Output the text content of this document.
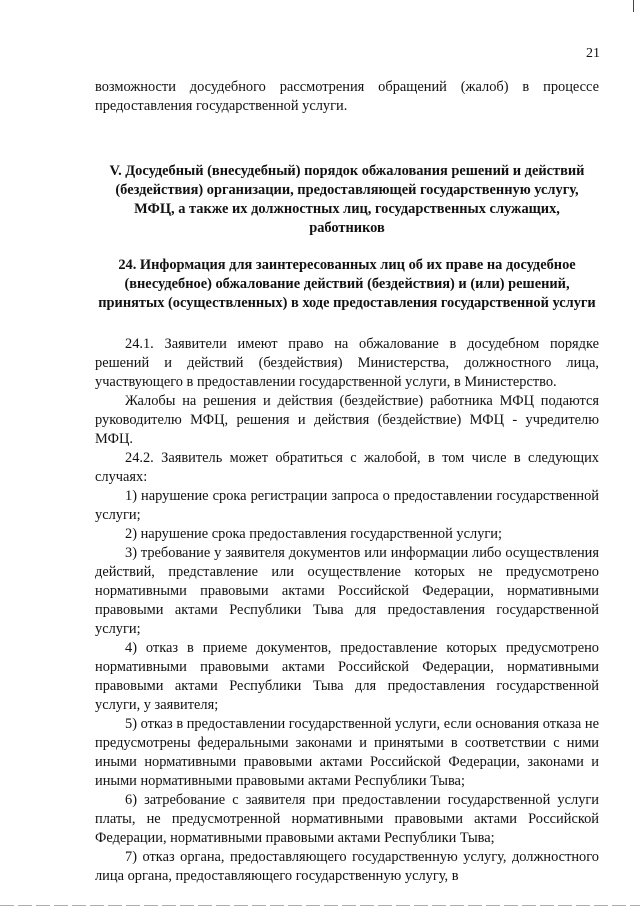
21

возможности досудебного рассмотрения обращений (жалоб) в процессе предоставления государственной услуги.

V. Досудебный (внесудебный) порядок обжалования решений и действий (бездействия) организации, предоставляющей государственную услугу, МФЦ, а также их должностных лиц, государственных служащих, работников

24. Информация для заинтересованных лиц об их праве на досудебное (внесудебное) обжалование действий (бездействия) и (или) решений, принятых (осуществленных) в ходе предоставления государственной услуги

24.1. Заявители имеют право на обжалование в досудебном порядке решений и действий (бездействия) Министерства, должностного лица, участвующего в предоставлении государственной услуги, в Министерство.

Жалобы на решения и действия (бездействие) работника МФЦ подаются руководителю МФЦ, решения и действия (бездействие) МФЦ - учредителю МФЦ.

24.2. Заявитель может обратиться с жалобой, в том числе в следующих случаях:

1) нарушение срока регистрации запроса о предоставлении государственной услуги;

2) нарушение срока предоставления государственной услуги;

3) требование у заявителя документов или информации либо осуществления действий, представление или осуществление которых не предусмотрено нормативными правовыми актами Российской Федерации, нормативными правовыми актами Республики Тыва для предоставления государственной услуги;

4) отказ в приеме документов, предоставление которых предусмотрено нормативными правовыми актами Российской Федерации, нормативными правовыми актами Республики Тыва для предоставления государственной услуги, у заявителя;

5) отказ в предоставлении государственной услуги, если основания отказа не предусмотрены федеральными законами и принятыми в соответствии с ними иными нормативными правовыми актами Российской Федерации, законами и иными нормативными правовыми актами Республики Тыва;

6) затребование с заявителя при предоставлении государственной услуги платы, не предусмотренной нормативными правовыми актами Российской Федерации, нормативными правовыми актами Республики Тыва;

7) отказ органа, предоставляющего государственную услугу, должностного лица органа, предоставляющего государственную услугу, в
